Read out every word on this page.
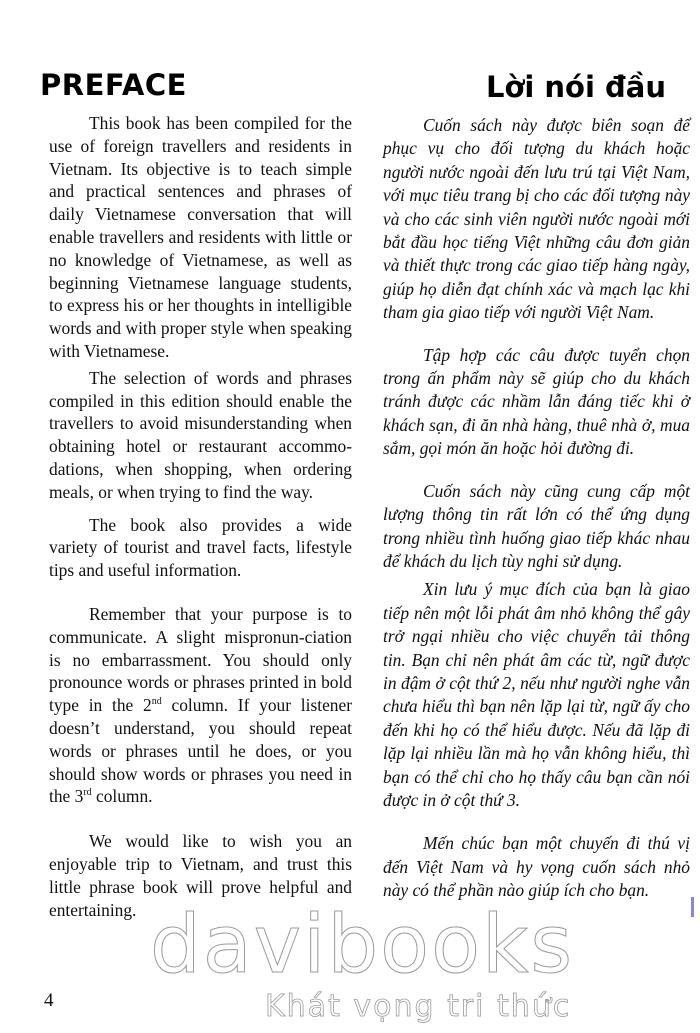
PREFACE	Lời nói đầu

This book has been compiled for the use of foreign travellers and residents in Vietnam. Its objective is to teach simple and practical sentences and phrases of daily Vietnamese conversation that will enable travellers and residents with little or no knowledge of Vietnamese, as well as beginning Vietnamese language students, to express his or her thoughts in intelligible words and with proper style when speaking with Vietnamese.

The selection of words and phrases compiled in this edition should enable the travellers to avoid misunderstanding when obtaining hotel or restaurant accommo-dations, when shopping, when ordering meals, or when trying to find the way.

The book also provides a wide variety of tourist and travel facts, lifestyle tips and useful information.

Remember that your purpose is to communicate. A slight mispronun-ciation is no embarrassment. You should only pronounce words or phrases printed in bold type in the 2nd column. If your listener doesn’t understand, you should repeat words or phrases until he does, or you should show words or phrases you need in the 3rd column.

We would like to wish you an enjoyable trip to Vietnam, and trust this little phrase book will prove helpful and entertaining.

Cuốn sách này được biên soạn để phục vụ cho đối tượng du khách hoặc người nước ngoài đến lưu trú tại Việt Nam, với mục tiêu trang bị cho các đối tượng này và cho các sinh viên người nước ngoài mới bắt đầu học tiếng Việt những câu đơn giản và thiết thực trong các giao tiếp hàng ngày, giúp họ diễn đạt chính xác và mạch lạc khi tham gia giao tiếp với người Việt Nam.

Tập hợp các câu được tuyển chọn trong ấn phẩm này sẽ giúp cho du khách tránh được các nhầm lẫn đáng tiếc khi ở khách sạn, đi ăn nhà hàng, thuê nhà ở, mua sắm, gọi món ăn hoặc hỏi đường đi.

Cuốn sách này cũng cung cấp một lượng thông tin rất lớn có thể ứng dụng trong nhiều tình huống giao tiếp khác nhau để khách du lịch tùy nghi sử dụng.

Xin lưu ý mục đích của bạn là giao tiếp nên một lỗi phát âm nhỏ không thể gây trở ngại nhiều cho việc chuyển tải thông tin. Bạn chỉ nên phát âm các từ, ngữ được in đậm ở cột thứ 2, nếu như người nghe vẫn chưa hiểu thì bạn nên lặp lại từ, ngữ ấy cho đến khi họ có thể hiểu được. Nếu đã lặp đi lặp lại nhiều lần mà họ vẫn không hiểu, thì bạn có thể chỉ cho họ thấy câu bạn cần nói được in ở cột thứ 3.

Mến chúc bạn một chuyến đi thú vị đến Việt Nam và hy vọng cuốn sách nhỏ này có thể phần nào giúp ích cho bạn.

4
davibooks
Khát vọng tri thức
